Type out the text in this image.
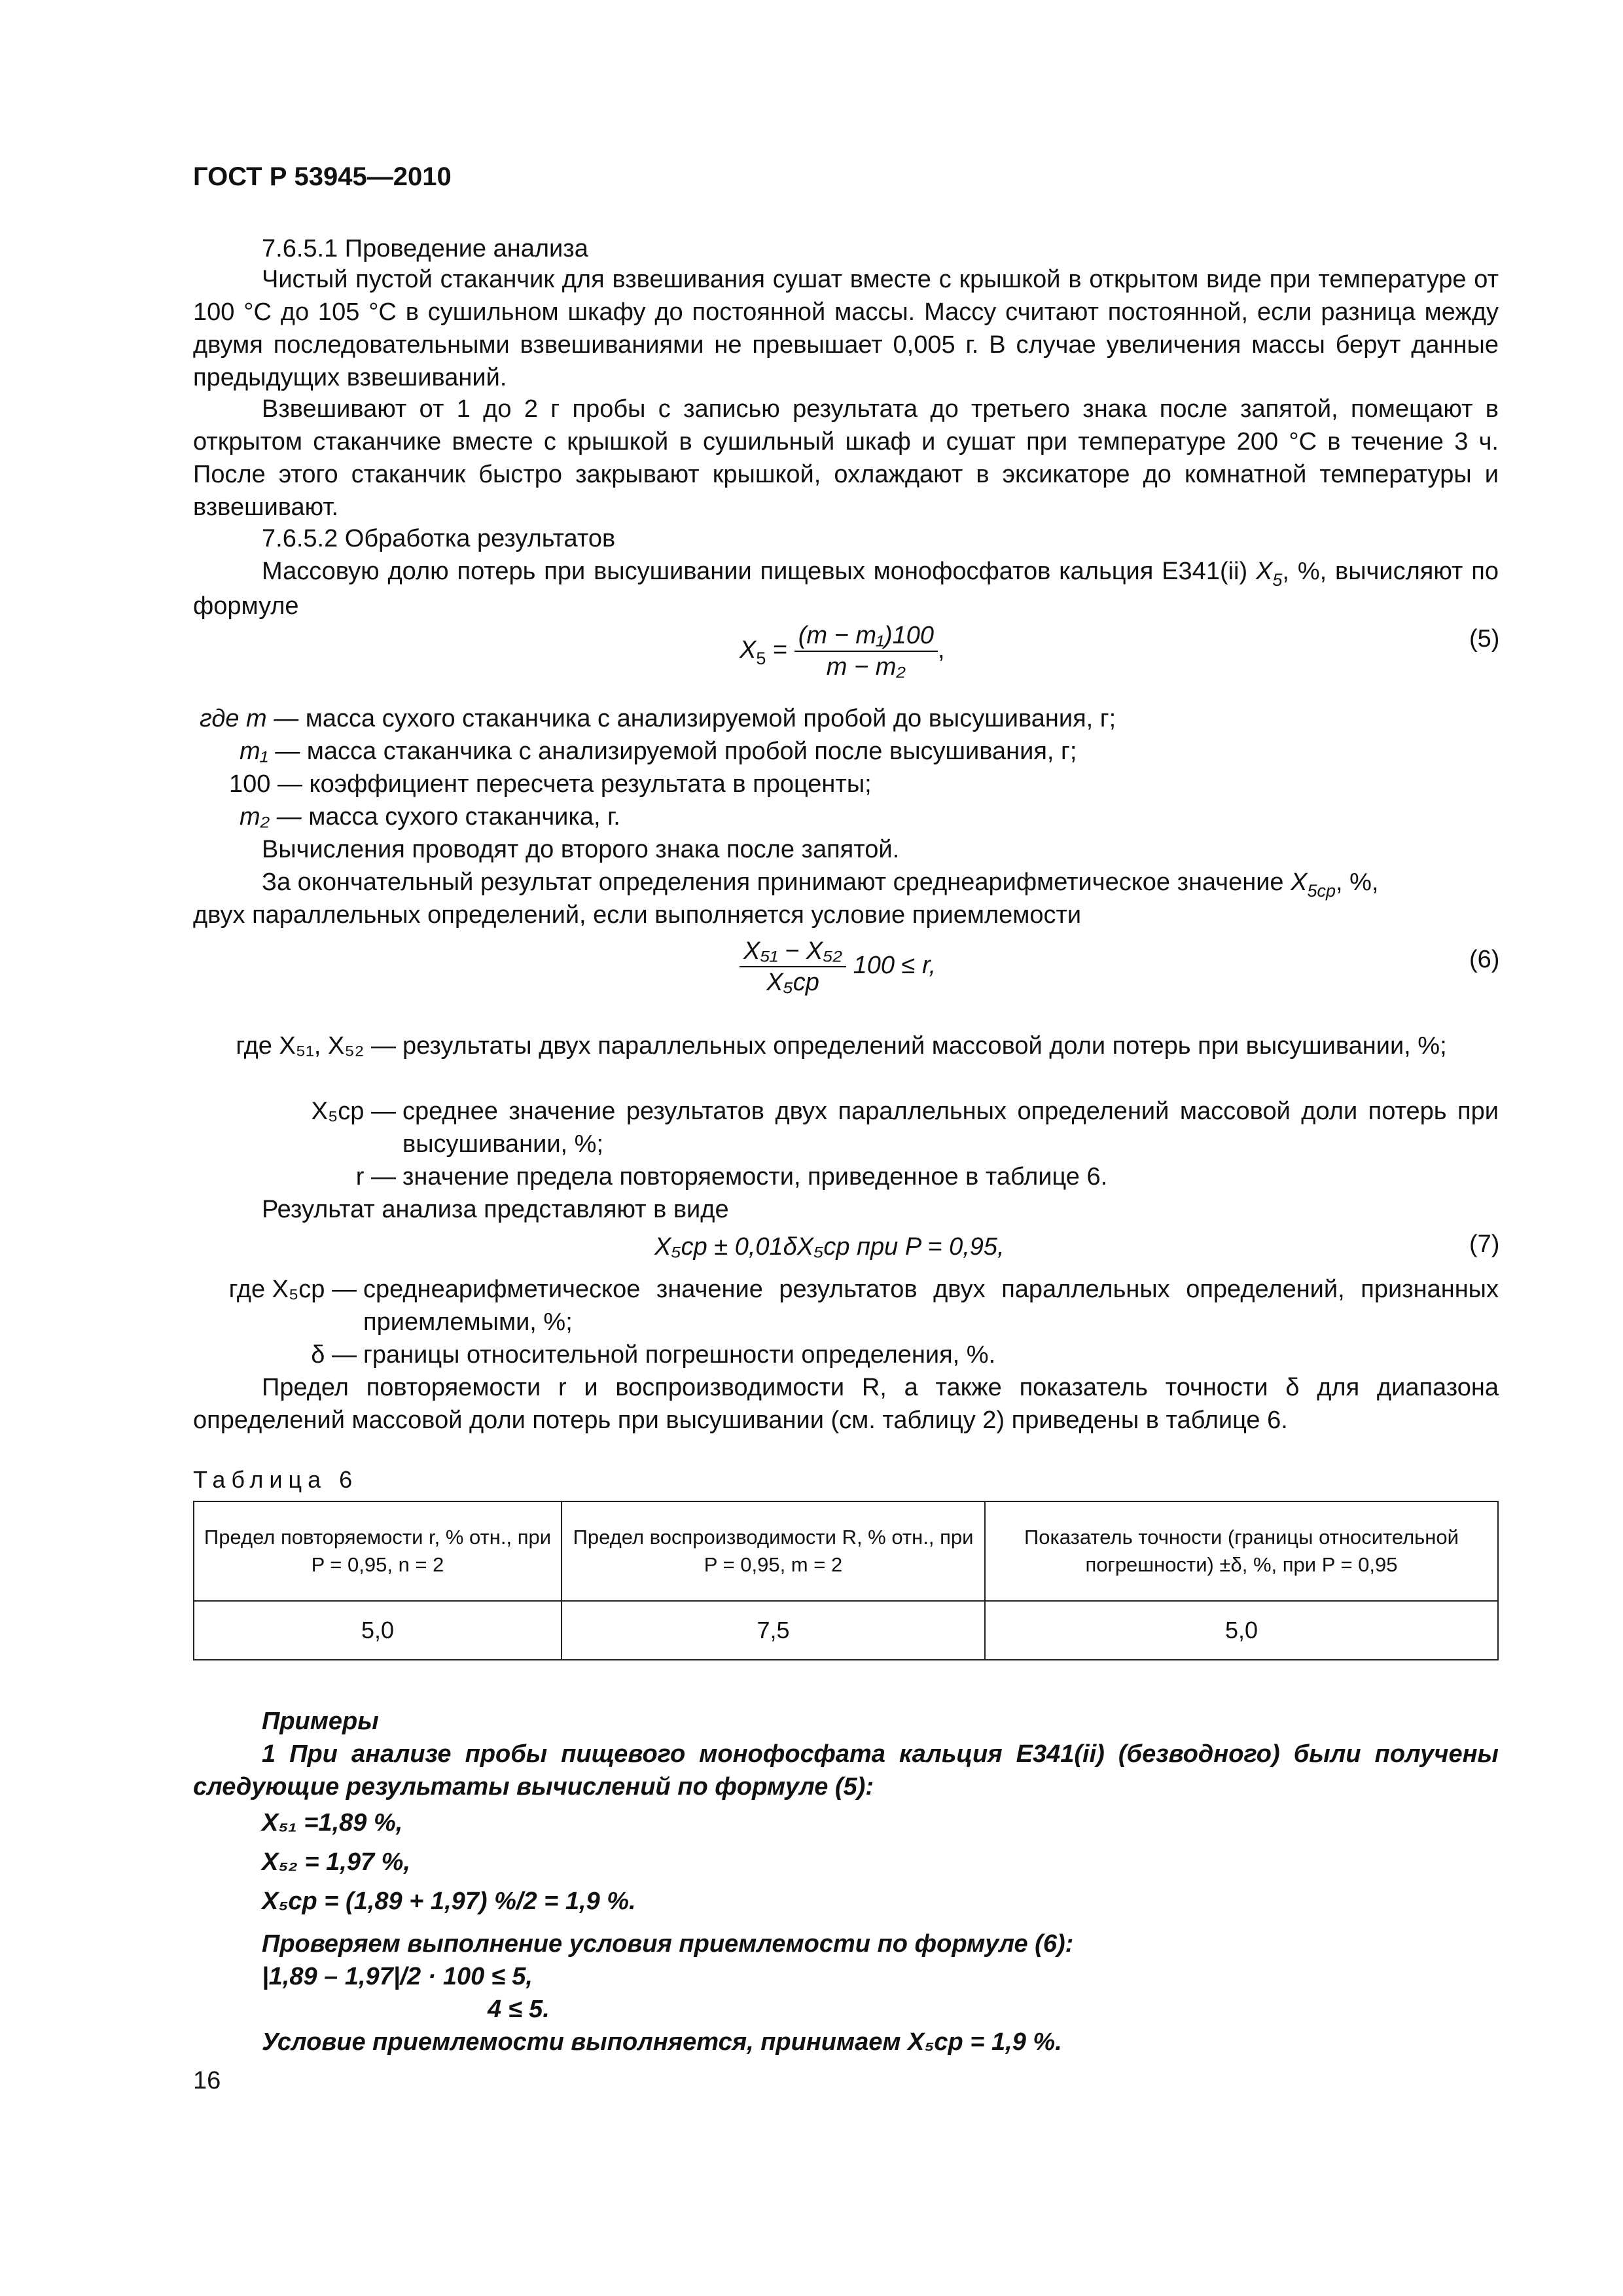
ГОСТ Р 53945—2010
7.6.5.1 Проведение анализа

Чистый пустой стаканчик для взвешивания сушат вместе с крышкой в открытом виде при температуре от 100 °С до 105 °С в сушильном шкафу до постоянной массы. Массу считают постоянной, если разница между двумя последовательными взвешиваниями не превышает 0,005 г. В случае увеличения массы берут данные предыдущих взвешиваний.

Взвешивают от 1 до 2 г пробы с записью результата до третьего знака после запятой, помещают в открытом стаканчике вместе с крышкой в сушильный шкаф и сушат при температуре 200 °С в течение 3 ч. После этого стаканчик быстро закрывают крышкой, охлаждают в эксикаторе до комнатной температуры и взвешивают.

7.6.5.2 Обработка результатов

Массовую долю потерь при высушивании пищевых монофосфатов кальция Е341(ii) $X_5$, %, вычисляют по формуле

$X_5 = \frac{\text{(m − m₁)100}}{\text{m − m₂}}$ ,	(5)
где m — масса сухого стаканчика с анализируемой пробой до высушивания, г;
m₁ — масса стаканчика с анализируемой пробой после высушивания, г;
100 — коэффициент пересчета результата в проценты;
m₂ — масса сухого стаканчика, г.
Вычисления проводят до второго знака после запятой.
За окончательный результат определения принимают среднеарифметическое значение $X_{5ср}$, %,
двух параллельных определений, если выполняется условие приемлемости
$\frac{\text{X₅₁ − X₅₂}}{\text{X₅ср}} 100 \le r$,	(6)
где X₅₁, X₅₂ — результаты двух параллельных определений массовой доли потерь при высушивании, %;
X₅ср — среднее значение результатов двух параллельных определений массовой доли потерь при высушивании, %;
r — значение предела повторяемости, приведенное в таблице 6.
Результат анализа представляют в виде
X₅ср ± 0,01δX₅ср при P = 0,95,	(7)
где X₅ср — среднеарифметическое значение результатов двух параллельных определений, признанных приемлемыми, %;
δ — границы относительной погрешности определения, %.

Предел повторяемости r и воспроизводимости R, а также показатель точности δ для диапазона определений массовой доли потерь при высушивании (см. таблицу 2) приведены в таблице 6.

Таблица 6
Предел повторяемости r, % отн., при P = 0,95, n = 2	Предел воспроизводимости R, % отн., при P = 0,95, m = 2	Показатель точности (границы относительной погрешности) ±δ, %, при P = 0,95
5,0	7,5	5,0
Примеры

1 При анализе пробы пищевого монофосфата кальция Е341(ii) (безводного) были получены следующие результаты вычислений по формуле (5):

X₅₁ =1,89 %,
X₅₂ = 1,97 %,
X₅ср = (1,89 + 1,97) %/2 = 1,9 %.
Проверяем выполнение условия приемлемости по формуле (6):
|1,89 – 1,97|/2 · 100 ≤ 5,
4 ≤ 5.
Условие приемлемости выполняется, принимаем X₅ср = 1,9 %.
16
